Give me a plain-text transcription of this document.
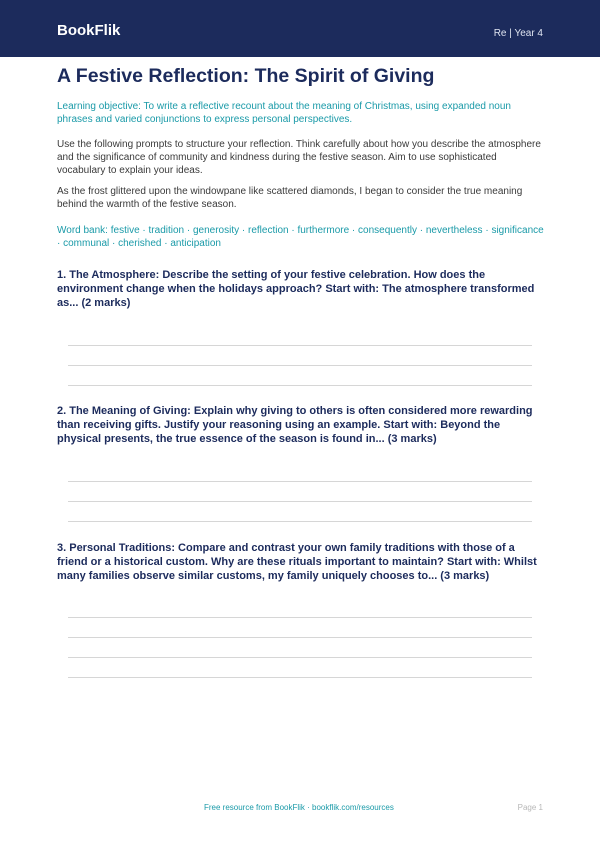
BookFlik	Re | Year 4
A Festive Reflection: The Spirit of Giving

Learning objective: To write a reflective recount about the meaning of Christmas, using expanded noun phrases and varied conjunctions to express personal perspectives.

Use the following prompts to structure your reflection. Think carefully about how you describe the atmosphere and the significance of community and kindness during the festive season. Aim to use sophisticated vocabulary to explain your ideas.

As the frost glittered upon the windowpane like scattered diamonds, I began to consider the true meaning behind the warmth of the festive season.

Word bank: festive · tradition · generosity · reflection · furthermore · consequently · nevertheless · significance · communal · cherished · anticipation

1. The Atmosphere: Describe the setting of your festive celebration. How does the environment change when the holidays approach? Start with: The atmosphere transformed as... (2 marks)

2. The Meaning of Giving: Explain why giving to others is often considered more rewarding than receiving gifts. Justify your reasoning using an example. Start with: Beyond the physical presents, the true essence of the season is found in... (3 marks)

3. Personal Traditions: Compare and contrast your own family traditions with those of a friend or a historical custom. Why are these rituals important to maintain? Start with: Whilst many families observe similar customs, my family uniquely chooses to... (3 marks)

Free resource from BookFlik · bookflik.com/resources	Page 1
